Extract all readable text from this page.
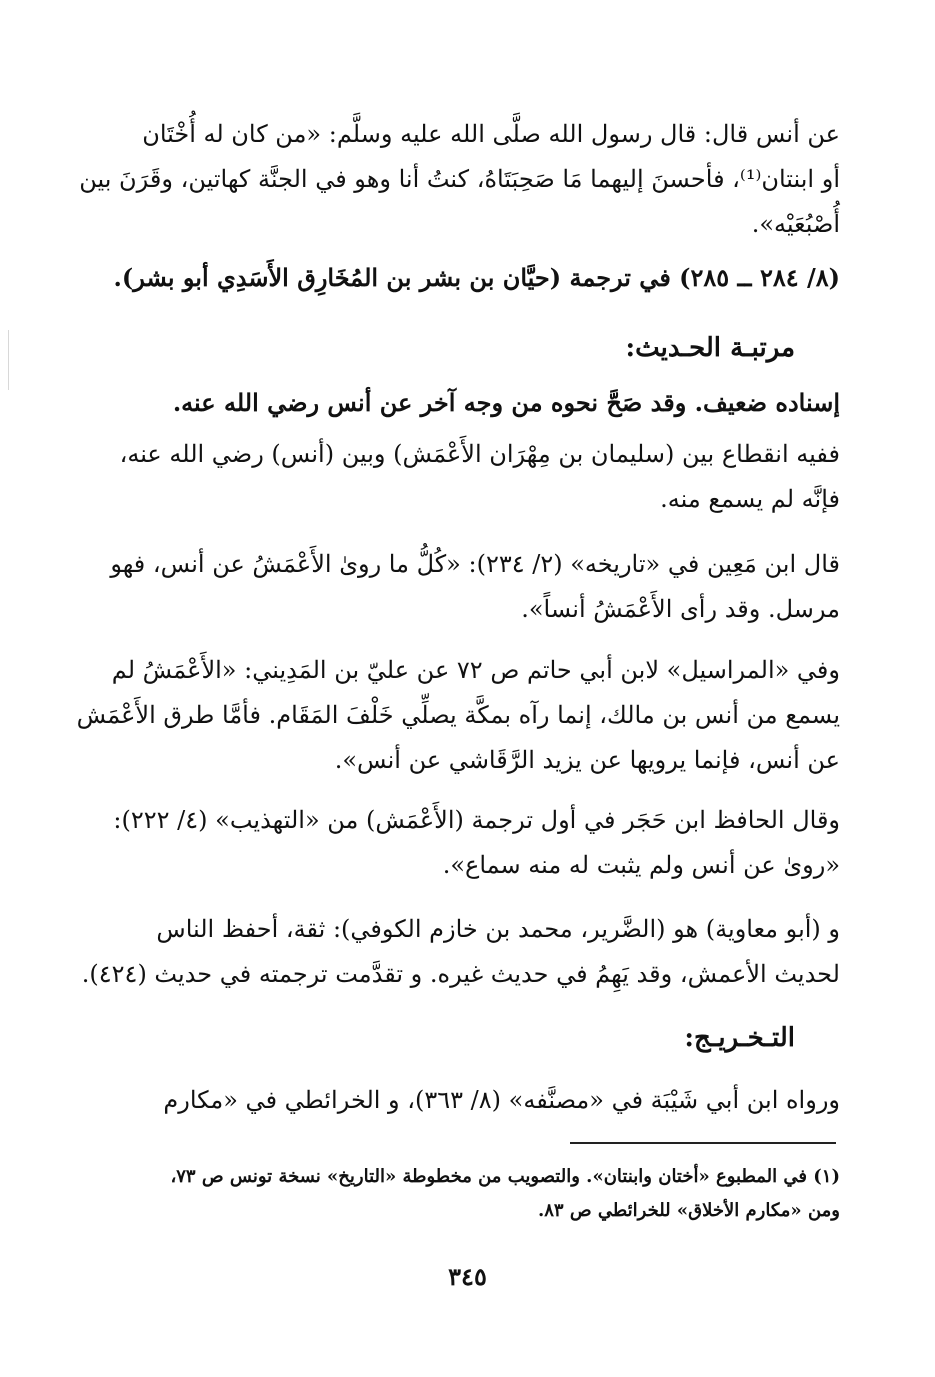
عن أنس قال: قال رسول الله صلَّى الله عليه وسلَّم: «من كان له أُخْتَان
أو ابنتان⁽¹⁾، فأحسنَ إليهما مَا صَحِبَتَاهُ، كنتُ أنا وهو في الجنَّة كهاتين، وقَرَنَ بين
أُصْبُعَيْه».
(٨/ ٢٨٤ ــ ٢٨٥) في ترجمة (حيَّان بن بشر بن المُخَارِق الأَسَدِي أبو بشر).
مرتبـة الحـديث:
إسناده ضعيف. وقد صَحَّ نحوه من وجه آخر عن أنس رضي الله عنه.
ففيه انقطاع بين (سليمان بن مِهْرَان الأَعْمَش) وبين (أنس) رضي الله عنه،
فإنَّه لم يسمع منه.
قال ابن مَعِين في «تاريخه» (٢/ ٢٣٤): «كُلُّ ما روىٰ الأَعْمَشُ عن أنس، فهو
مرسل. وقد رأى الأَعْمَشُ أنساً».
وفي «المراسيل» لابن أبي حاتم ص ٧٢ عن عليّ بن المَدِيني: «الأَعْمَشُ لم
يسمع من أنس بن مالك، إنما رآه بمكَّة يصلِّي خَلْفَ المَقَام. فأمَّا طرق الأَعْمَش
عن أنس، فإنما يرويها عن يزيد الرَّقَاشي عن أنس».
وقال الحافظ ابن حَجَر في أول ترجمة (الأَعْمَش) من «التهذيب» (٤/ ٢٢٢):
«روىٰ عن أنس ولم يثبت له منه سماع».
و (أبو معاوية) هو (الضَّرير، محمد بن خازم الكوفي): ثقة، أحفظ الناس
لحديث الأعمش، وقد يَهِمُ في حديث غيره. و تقدَّمت ترجمته في حديث (٤٢٤).
التـخـريـج:
ورواه ابن أبي شَيْبَة في «مصنَّفه» (٨/ ٣٦٣)، و الخرائطي في «مكارم
(١) في المطبوع «أختان وابنتان». والتصويب من مخطوطة «التاريخ» نسخة تونس ص ٧٣،
ومن «مكارم الأخلاق» للخرائطي ص ٨٣.
٣٤٥
